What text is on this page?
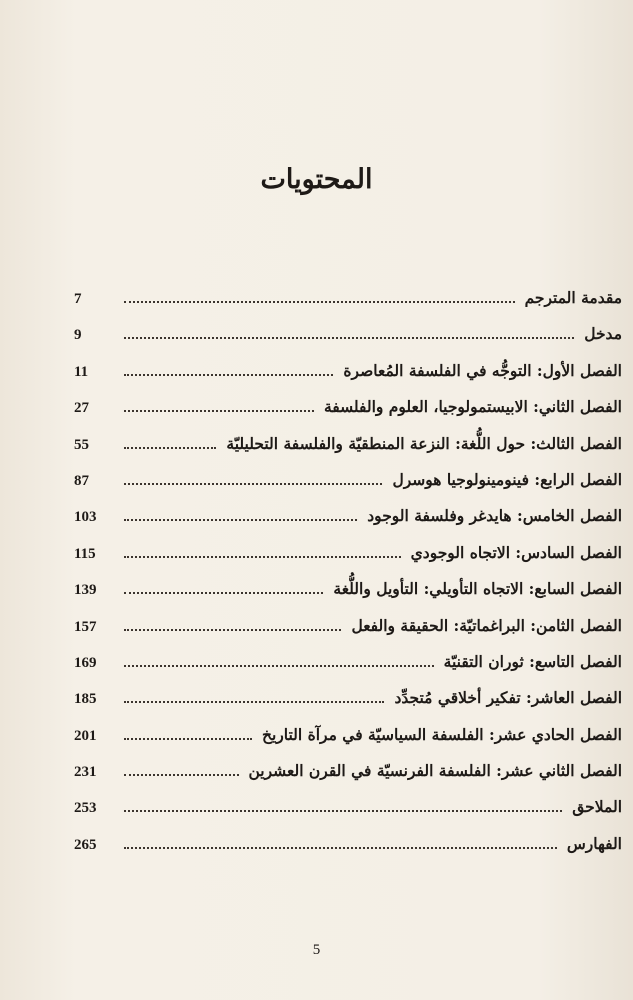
المحتويات
مقدمة المترجم
7
مدخل
9
الفصل الأول: التوجُّه في الفلسفة المُعاصرة
11
الفصل الثاني: الابيستمولوجيا، العلوم والفلسفة
27
الفصل الثالث: حول اللُّغة: النزعة المنطقيّة والفلسفة التحليليّة
55
الفصل الرابع: فينومينولوجيا هوسرل
87
الفصل الخامس: هايدغر وفلسفة الوجود
103
الفصل السادس: الاتجاه الوجودي
115
الفصل السابع: الاتجاه التأويلي: التأويل واللُّغة
139
الفصل الثامن: البراغماتيّة: الحقيقة والفعل
157
الفصل التاسع: ثوران التقنيّة
169
الفصل العاشر: تفكير أخلاقي مُتجدِّد
185
الفصل الحادي عشر: الفلسفة السياسيّة في مرآة التاريخ
201
الفصل الثاني عشر: الفلسفة الفرنسيّة في القرن العشرين
231
الملاحق
253
الفهارس
265
5
